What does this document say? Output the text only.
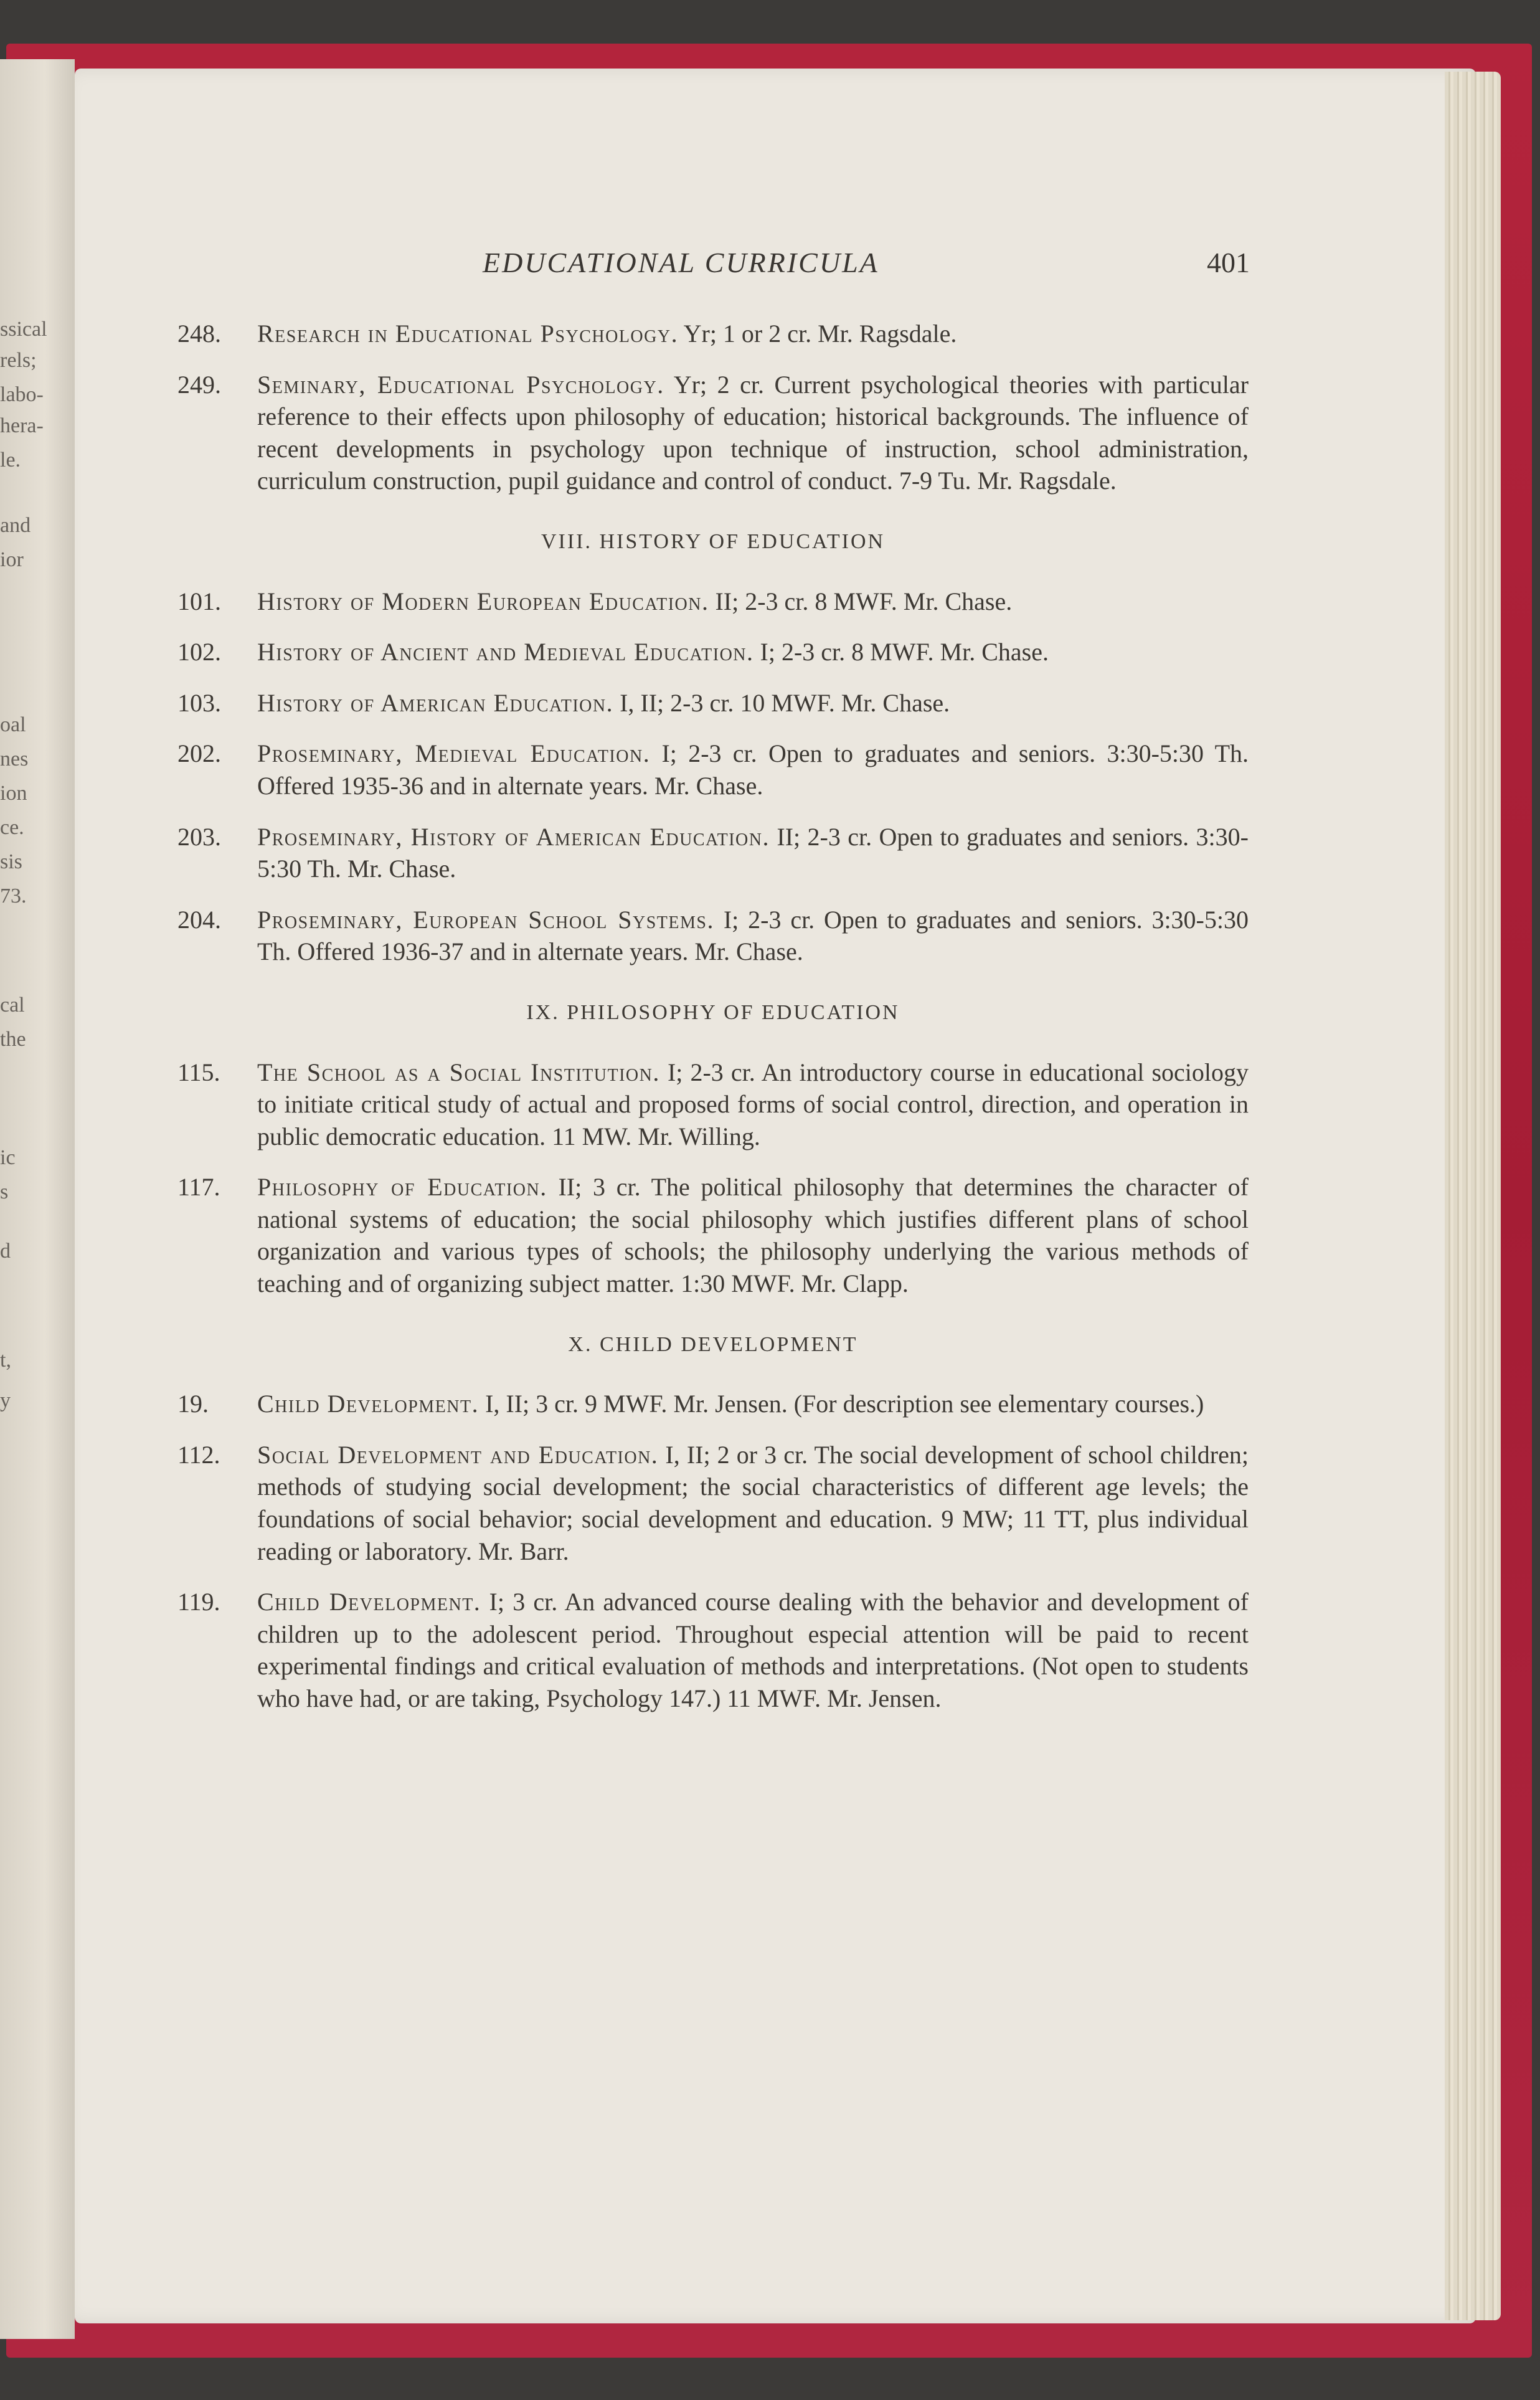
ssical
rels;
labo-
hera-
le.
and
ior
oal
nes
ion
ce.
sis
73.
cal
the
ic
s
d
t,
y
EDUCATIONAL CURRICULA	401
248.	Research in Educational Psychology. Yr; 1 or 2 cr. Mr. Ragsdale.
249.	Seminary, Educational Psychology. Yr; 2 cr. Current psychological theories with particular reference to their effects upon philosophy of education; historical backgrounds. The influence of recent developments in psychology upon technique of instruction, school administration, curriculum construction, pupil guidance and control of conduct. 7-9 Tu. Mr. Ragsdale.
VIII. HISTORY OF EDUCATION
101.	History of Modern European Education. II; 2-3 cr. 8 MWF. Mr. Chase.
102.	History of Ancient and Medieval Education. I; 2-3 cr. 8 MWF. Mr. Chase.
103.	History of American Education. I, II; 2-3 cr. 10 MWF. Mr. Chase.
202.	Proseminary, Medieval Education. I; 2-3 cr. Open to graduates and seniors. 3:30-5:30 Th. Offered 1935-36 and in alternate years. Mr. Chase.
203.	Proseminary, History of American Education. II; 2-3 cr. Open to graduates and seniors. 3:30-5:30 Th. Mr. Chase.
204.	Proseminary, European School Systems. I; 2-3 cr. Open to graduates and seniors. 3:30-5:30 Th. Offered 1936-37 and in alternate years. Mr. Chase.
IX. PHILOSOPHY OF EDUCATION
115.	The School as a Social Institution. I; 2-3 cr. An introductory course in educational sociology to initiate critical study of actual and proposed forms of social control, direction, and operation in public democratic education. 11 MW. Mr. Willing.
117.	Philosophy of Education. II; 3 cr. The political philosophy that determines the character of national systems of education; the social philosophy which justifies different plans of school organization and various types of schools; the philosophy underlying the various methods of teaching and of organizing subject matter. 1:30 MWF. Mr. Clapp.
X. CHILD DEVELOPMENT
19.	Child Development. I, II; 3 cr. 9 MWF. Mr. Jensen. (For description see elementary courses.)
112.	Social Development and Education. I, II; 2 or 3 cr. The social development of school children; methods of studying social development; the social characteristics of different age levels; the foundations of social behavior; social development and education. 9 MW; 11 TT, plus individual reading or laboratory. Mr. Barr.
119.	Child Development. I; 3 cr. An advanced course dealing with the behavior and development of children up to the adolescent period. Throughout especial attention will be paid to recent experimental findings and critical evaluation of methods and interpretations. (Not open to students who have had, or are taking, Psychology 147.) 11 MWF. Mr. Jensen.
